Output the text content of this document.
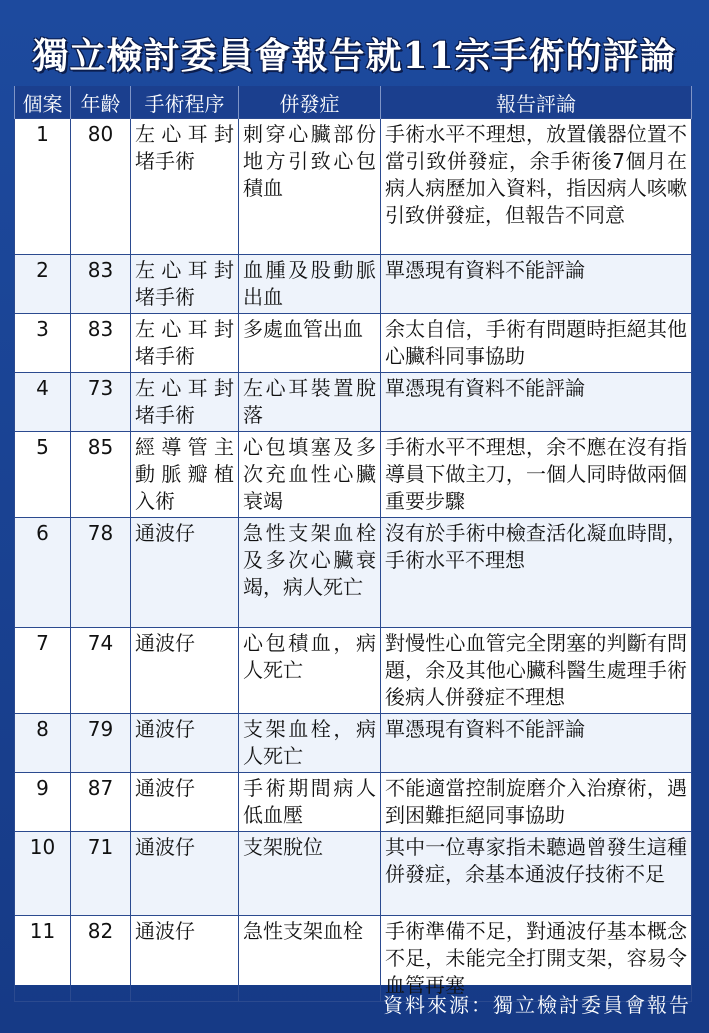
獨立檢討委員會報告就11宗手術的評論
個案	年齡	手術程序	併發症	報告評論
1	80	左心耳封堵手術	刺穿心臟部份地方引致心包積血	手術水平不理想，放置儀器位置不當引致併發症，余手術後7個月在病人病歷加入資料，指因病人咳嗽引致併發症，但報告不同意
2	83	左心耳封堵手術	血腫及股動脈出血	單憑現有資料不能評論
3	83	左心耳封堵手術	多處血管出血	余太自信，手術有問題時拒絕其他心臟科同事協助
4	73	左心耳封堵手術	左心耳裝置脫落	單憑現有資料不能評論
5	85	經導管主動脈瓣植入術	心包填塞及多次充血性心臟衰竭	手術水平不理想，余不應在沒有指導員下做主刀，一個人同時做兩個重要步驟
6	78	通波仔	急性支架血栓及多次心臟衰竭，病人死亡	沒有於手術中檢查活化凝血時間，手術水平不理想
7	74	通波仔	心包積血，病人死亡	對慢性心血管完全閉塞的判斷有問題，余及其他心臟科醫生處理手術後病人併發症不理想
8	79	通波仔	支架血栓，病人死亡	單憑現有資料不能評論
9	87	通波仔	手術期間病人低血壓	不能適當控制旋磨介入治療術，遇到困難拒絕同事協助
10	71	通波仔	支架脫位	其中一位專家指未聽過曾發生這種併發症，余基本通波仔技術不足
11	82	通波仔	急性支架血栓	手術準備不足，對通波仔基本概念不足，未能完全打開支架，容易令血管再塞
資料來源：獨立檢討委員會報告
